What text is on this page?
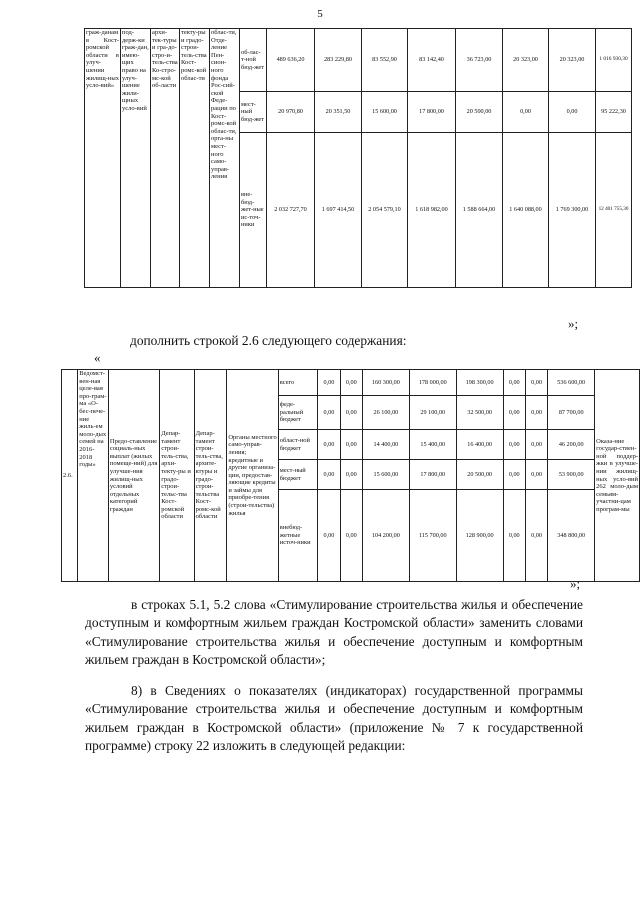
5
граж-данам в Кост-ромской области в улуч-шении жилищ-ных усло-вий»	под-держ-ки граж-дан, имею-щих право на улуч-шение жили-щных усло-вий	архи-тек-туры и гра-до-стро-и-тель-ства Ко-стро-мс-кой об-ласти	текту-ры и градо-строи-тель-ства Кост-ромс-кой облас-ти	облас-ти, Отде-ление Пен-сион-ного фонда Рос-сий-ской Феде-рации по Кост-ромс-кой облас-ти, орга-ны мест-ного само-управ-ления	об-лас-т-ной бюд-жет	489 636,20	283 229,80	83 552,90	83 142,40	36 723,00	20 323,00	20 323,00	1 016 930,30
					мест-ный бюд-жет	20 970,80	20 351,50	15 600,00	17 800,00	20 500,00	0,00	0,00	95 222,30
					вне-бюд-жет-ные ис-точ-ники	2 032 727,70	1 697 414,50	2 054 579,10	1 618 982,00	1 588 664,00	1 640 088,00	1 769 300,00	12 401 755,30
»;
дополнить строкой 2.6 следующего содержания:
«
2.6.	Ведомст-вен-ная целе-вая про-грам-ма «О-бес-пече-ние жиль-ем моло-дых семей на 2016-2018 годы»	Предо-ставление социаль-ных выплат (жилых помеще-ний) для улучше-ния жилищ-ных условий отдельных категорий граждан	Депар-тамент строи-тель-ства, архи-текту-ры и градо-строи-тельс-тва Кост-ромской области	Депар-тамент строи-тель-ства, архите-ктуры и градо-строи-тельства Кост-ромс-кой области	Органы местного само-управ-ления; кредитные и другие организа-ции, предостав-ляющие кредиты и займы для приобре-тения (строи-тельства) жилья	всего	0,00	0,00	160 300,00	178 000,00	198 300,00	0,00	0,00	536 600,00	Оказа-ние государ-ствен-ной поддер-жки в улучше-нии жилищ-ных усло-вий 262 моло-дым семьям-участни-цам програм-мы
						феде-ральный бюджет	0,00	0,00	26 100,00	29 100,00	32 500,00	0,00	0,00	87 700,00	
						област-ной бюджет	0,00	0,00	14 400,00	15 400,00	16 400,00	0,00	0,00	46 200,00	
						мест-ный бюджет	0,00	0,00	15 600,00	17 800,00	20 500,00	0,00	0,00	53 900,00	
						внебюд-жетные источ-ники	0,00	0,00	104 200,00	115 700,00	128 900,00	0,00	0,00	348 800,00	
»;
в строках 5.1, 5.2 слова «Стимулирование строительства жилья и обеспечение доступным и комфортным жильем граждан Костромской области» заменить словами «Стимулирование строительства жилья и обеспечение доступным и комфортным жильем граждан в Костромской области»;
8) в Сведениях о показателях (индикаторах) государственной программы «Стимулирование строительства жилья и обеспечение доступным и комфортным жильем граждан в Костромской области» (приложение № 7 к государственной программе) строку 22 изложить в следующей редакции:
